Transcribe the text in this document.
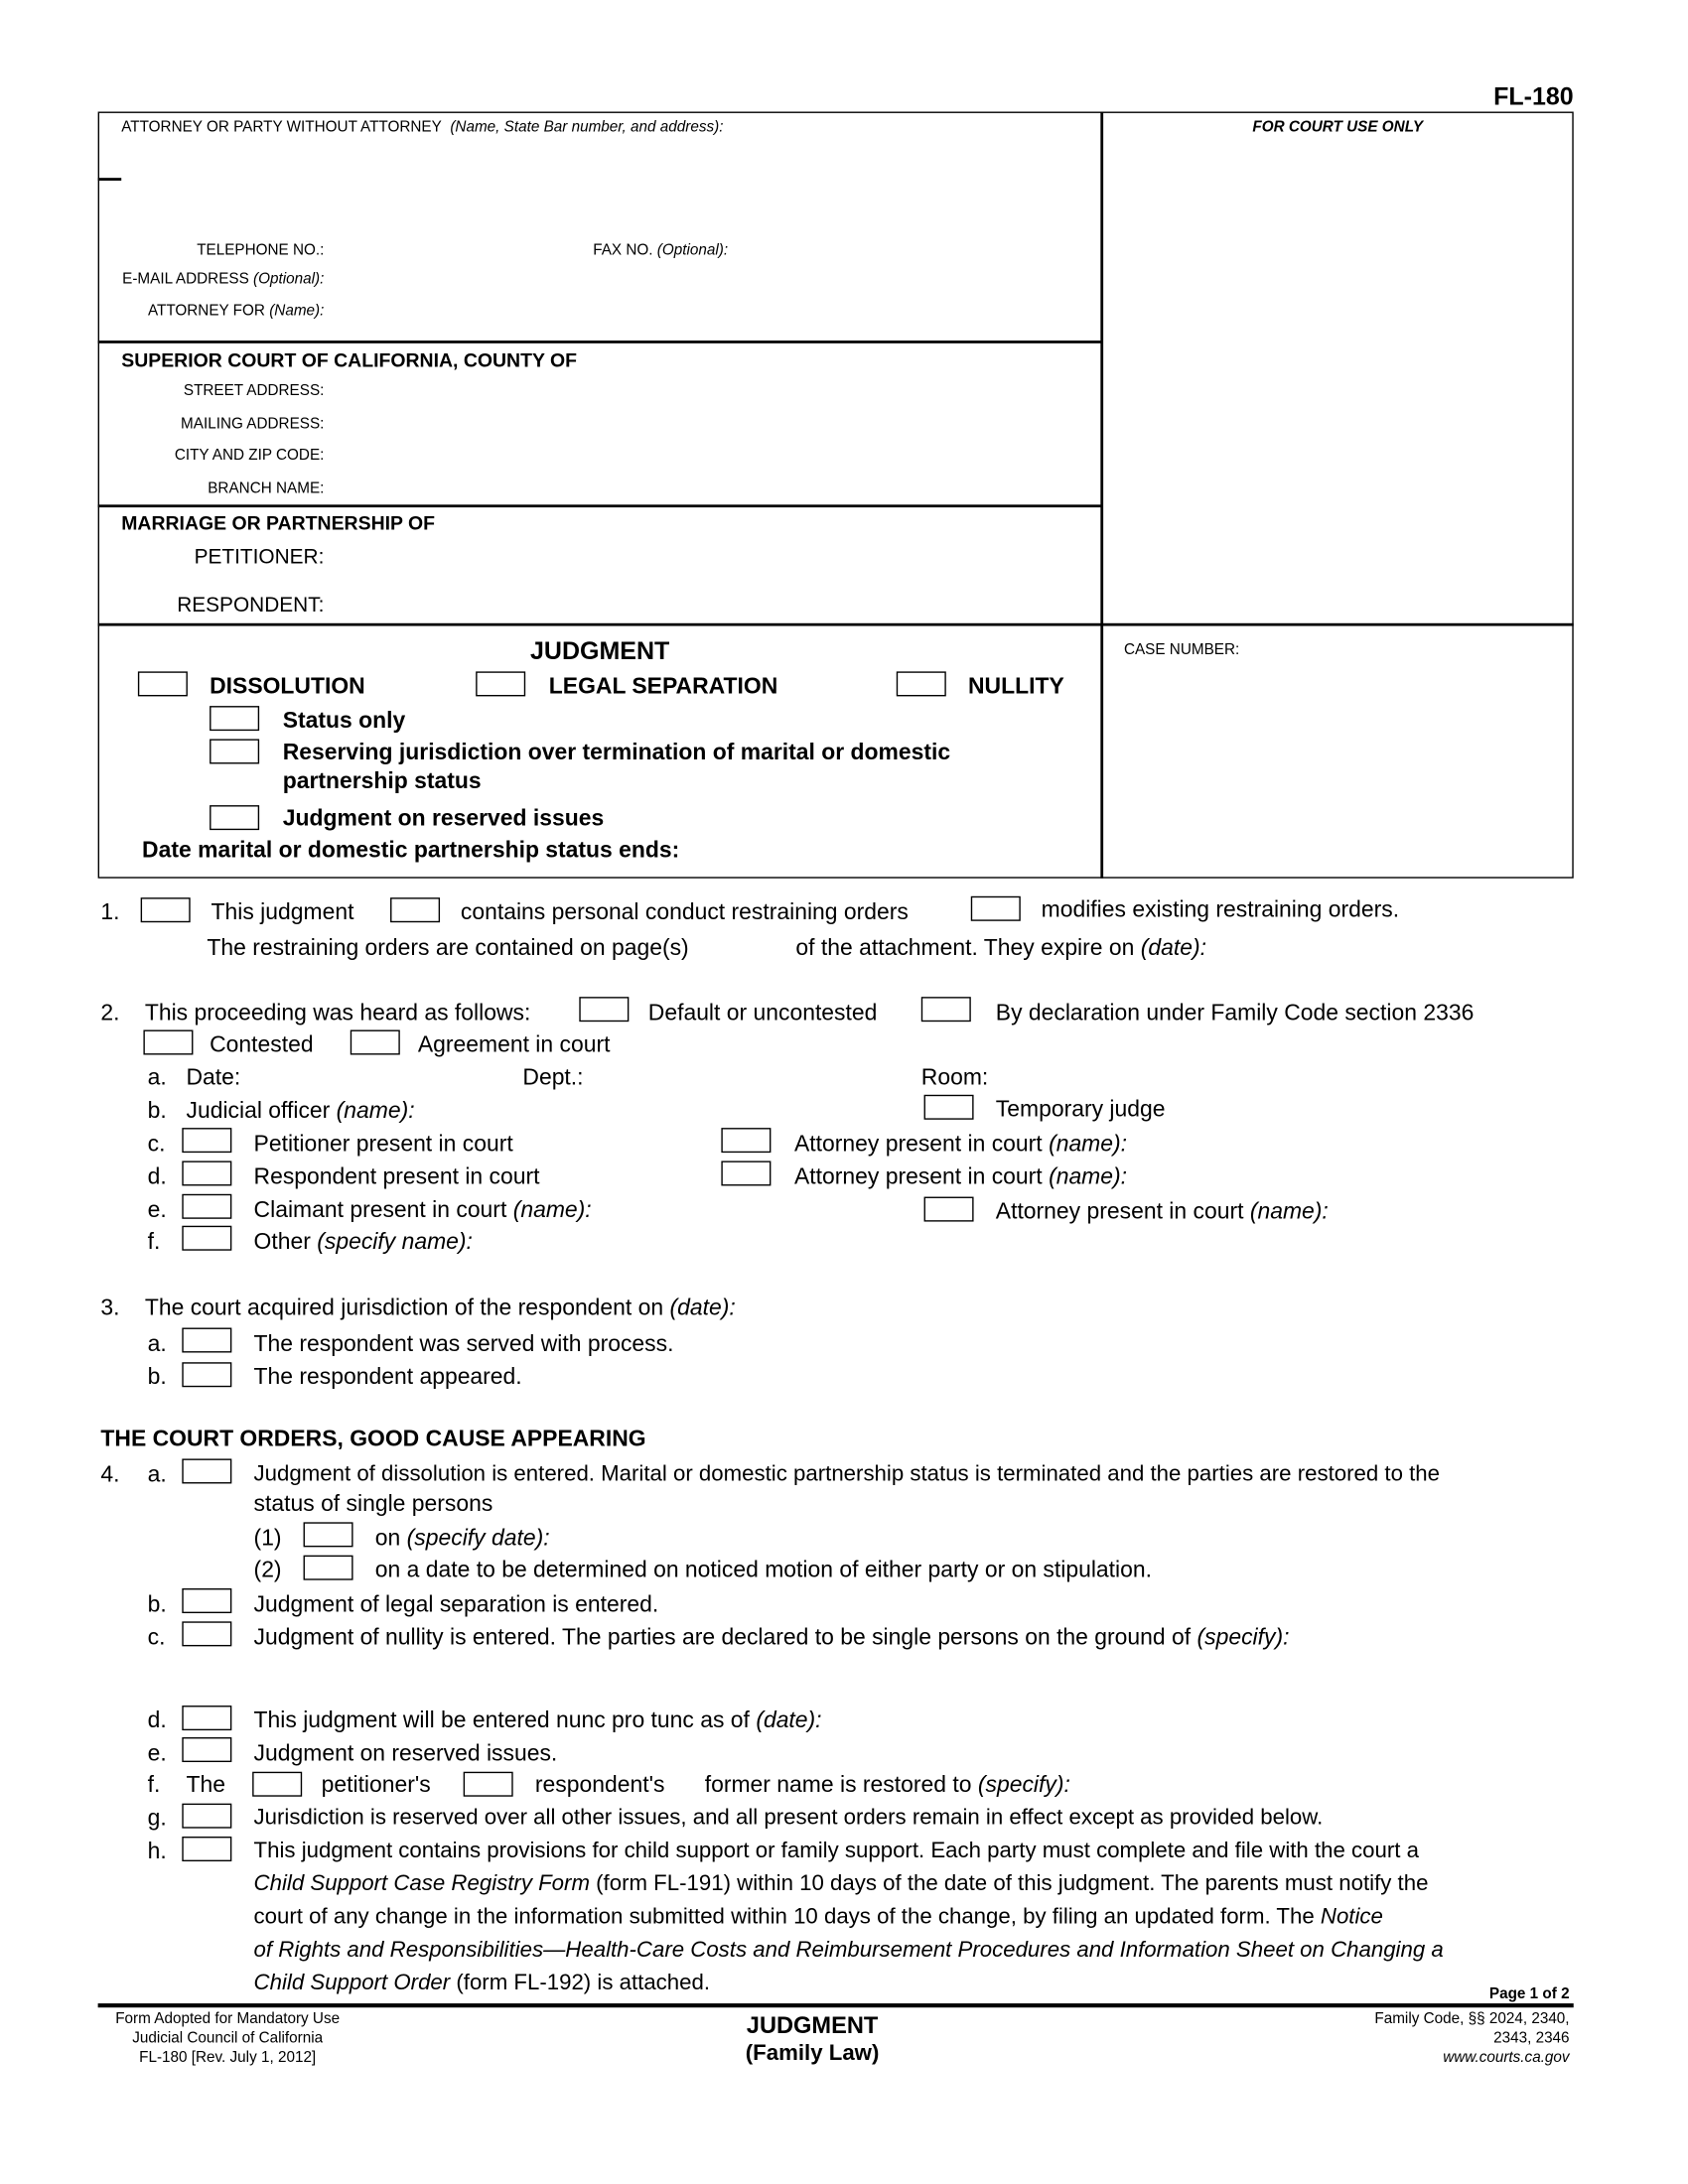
FL-180
ATTORNEY OR PARTY WITHOUT ATTORNEY (Name, State Bar number, and address):
TELEPHONE NO.:	FAX NO. (Optional):
E-MAIL ADDRESS (Optional):
ATTORNEY FOR (Name):
FOR COURT USE ONLY
SUPERIOR COURT OF CALIFORNIA, COUNTY OF
STREET ADDRESS:
MAILING ADDRESS:
CITY AND ZIP CODE:
BRANCH NAME:
MARRIAGE OR PARTNERSHIP OF
PETITIONER:
RESPONDENT:
CASE NUMBER:
JUDGMENT
DISSOLUTION	LEGAL SEPARATION	NULLITY
Status only
Reserving jurisdiction over termination of marital or domestic
partnership status
Judgment on reserved issues
Date marital or domestic partnership status ends:
1.	This judgment	contains personal conduct restraining orders	modifies existing restraining orders.
The restraining orders are contained on page(s)	of the attachment. They expire on (date):
2. This proceeding was heard as follows:	Default or uncontested	By declaration under Family Code section 2336
Contested	Agreement in court
a. Date:	Dept.:	Room:
b. Judicial officer (name):	Temporary judge
c.	Petitioner present in court	Attorney present in court (name):
d.	Respondent present in court	Attorney present in court (name):
e.	Claimant present in court (name):	Attorney present in court (name):
f.	Other (specify name):
3. The court acquired jurisdiction of the respondent on (date):
a.	The respondent was served with process.
b.	The respondent appeared.
THE COURT ORDERS, GOOD CAUSE APPEARING
4. a.	Judgment of dissolution is entered. Marital or domestic partnership status is terminated and the parties are restored to the
status of single persons
(1)	on (specify date):
(2)	on a date to be determined on noticed motion of either party or on stipulation.
b.	Judgment of legal separation is entered.
c.	Judgment of nullity is entered. The parties are declared to be single persons on the ground of (specify):
d.	This judgment will be entered nunc pro tunc as of (date):
e.	Judgment on reserved issues.
f. The	petitioner's	respondent's former name is restored to (specify):
g.	Jurisdiction is reserved over all other issues, and all present orders remain in effect except as provided below.
h.	This judgment contains provisions for child support or family support. Each party must complete and file with the court a
Child Support Case Registry Form (form FL-191) within 10 days of the date of this judgment. The parents must notify the
court of any change in the information submitted within 10 days of the change, by filing an updated form. The Notice
of Rights and Responsibilities—Health-Care Costs and Reimbursement Procedures and Information Sheet on Changing a
Child Support Order (form FL-192) is attached.	Page 1 of 2
Form Adopted for Mandatory Use
Judicial Council of California
FL-180 [Rev. July 1, 2012]
JUDGMENT
(Family Law)
Family Code, §§ 2024, 2340,
2343, 2346
www.courts.ca.gov
